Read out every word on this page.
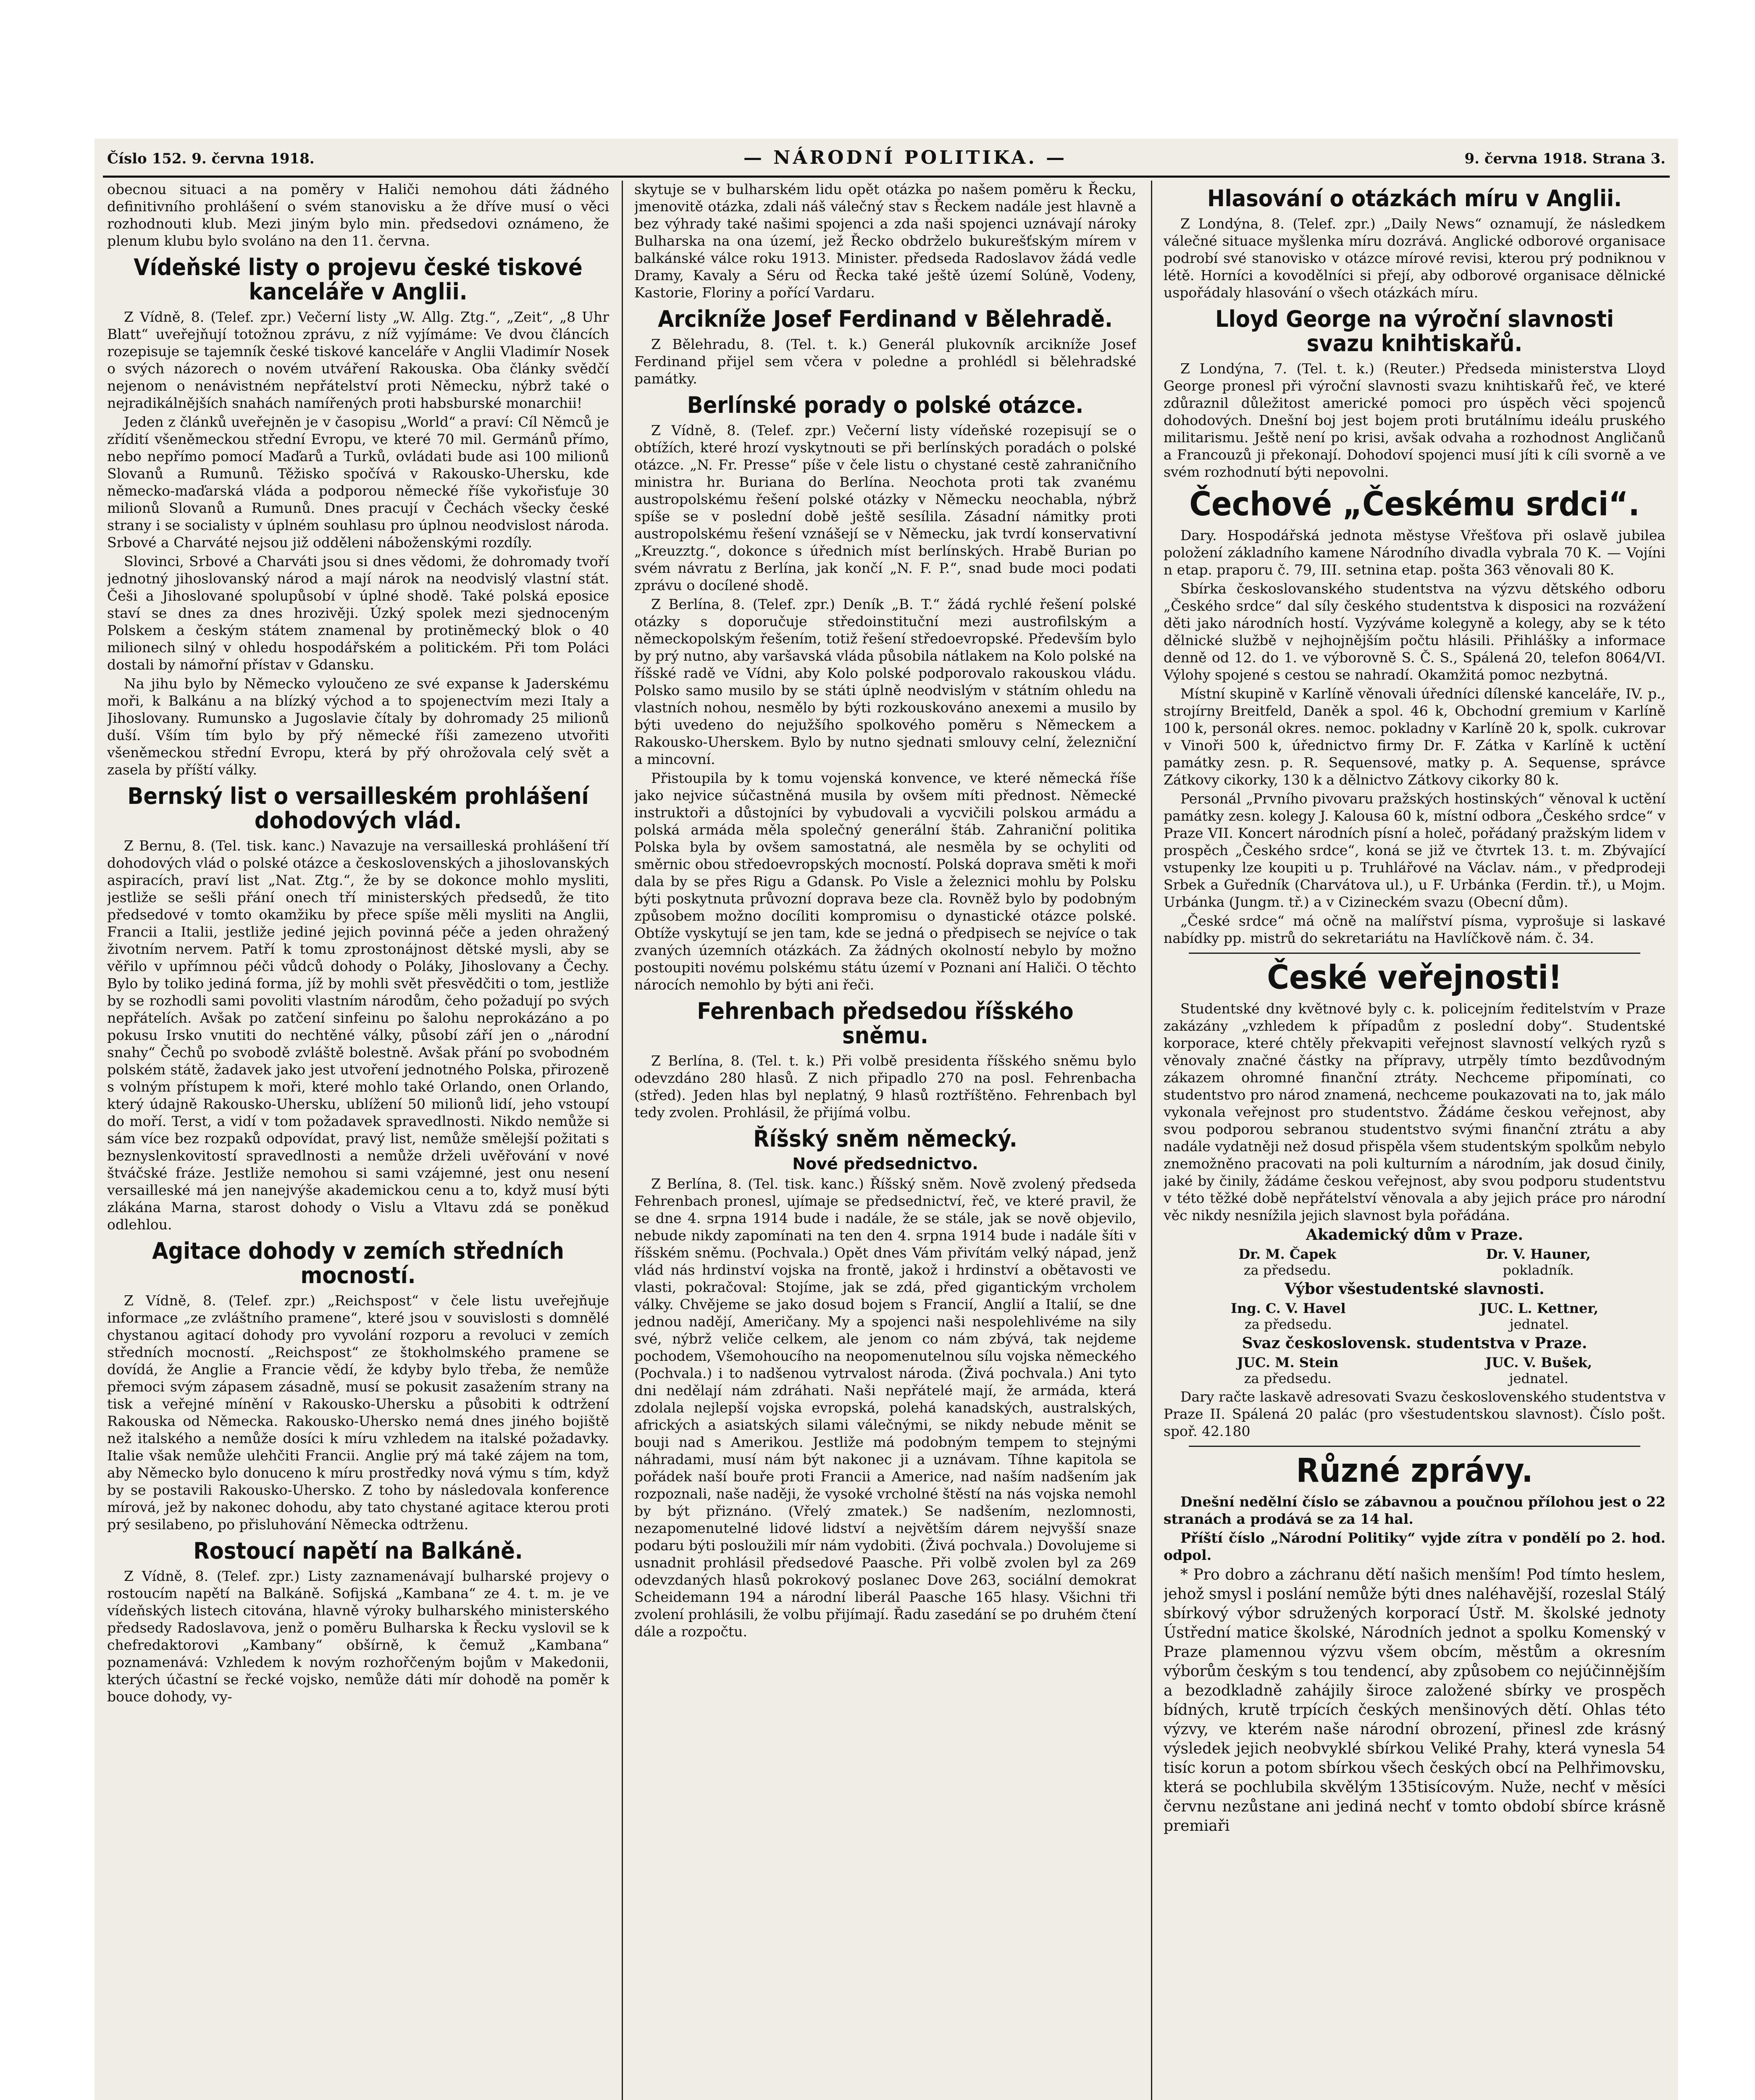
Číslo 152. 9. června 1918.	— NÁRODNÍ POLITIKA. —	9. června 1918. Strana 3.

obecnou situaci a na poměry v Haliči nemohou dáti žádného definitivního prohlášení o svém stanovisku a že dříve musí o věci rozhodnouti klub. Mezi jiným bylo min. předsedovi oznámeno, že plenum klubu bylo svoláno na den 11. června.

Vídeňské listy o projevu české tiskové kanceláře v Anglii.

Z Vídně, 8. (Telef. zpr.) Večerní listy „W. Allg. Ztg.“, „Zeit“, „8 Uhr Blatt“ uveřejňují totožnou zprávu, z níž vyjímáme: Ve dvou článcích rozepisuje se tajemník české tiskové kanceláře v Anglii Vladimír Nosek o svých názorech o novém utváření Rakouska. Oba články svědčí nejenom o nenávistném nepřátelství proti Německu, nýbrž také o nejradikálnějších snahách namířených proti habsburské monarchii!

Jeden z článků uveřejněn je v časopisu „World“ a praví: Cíl Němců je zřídití všeněmeckou střední Evropu, ve které 70 mil. Germánů přímo, nebo nepřímo pomocí Maďarů a Turků, ovládati bude asi 100 milionů Slovanů a Rumunů. Těžisko spočívá v Rakousko-Uhersku, kde německo-maďarská vláda a podporou německé říše vykořisťuje 30 milionů Slovanů a Rumunů. Dnes pracují v Čechách všecky české strany i se socialisty v úplném souhlasu pro úplnou neodvislost národa. Srbové a Charváté nejsou již odděleni náboženskými rozdíly.

Slovinci, Srbové a Charváti jsou si dnes vědomi, že dohromady tvoří jednotný jihoslovanský národ a mají nárok na neodvislý vlastní stát. Češi a Jihoslované spolupůsobí v úplné shodě. Také polská eposice staví se dnes za dnes hrozivěji. Úzký spolek mezi sjednoceným Polskem a českým státem znamenal by protiněmecký blok o 40 milionech silný v ohledu hospodářském a politickém. Při tom Poláci dostali by námořní přístav v Gdansku.

Na jihu bylo by Německo vyloučeno ze své expanse k Jaderskému moři, k Balkánu a na blízký východ a to spojenectvím mezi Italy a Jihoslovany. Rumunsko a Jugoslavie čítaly by dohromady 25 milionů duší. Vším tím bylo by přý německé říši zamezeno utvořiti všeněmeckou střední Evropu, která by přý ohrožovala celý svět a zasela by příští války.

Bernský list o versailleském prohlášení dohodových vlád.

Z Bernu, 8. (Tel. tisk. kanc.) Navazuje na versailleská prohlášení tří dohodových vlád o polské otázce a československých a jihoslovanských aspiracích, praví list „Nat. Ztg.“, že by se dokonce mohlo mysliti, jestliže se sešli přání onech tří ministerských předsedů, že tito předsedové v tomto okamžiku by přece spíše měli mysliti na Anglii, Francii a Italii, jestliže jediné jejich povinná péče a jeden ohražený životním nervem. Patří k tomu zprostonájnost dětské mysli, aby se věřilo v upřímnou péči vůdců dohody o Poláky, Jihoslovany a Čechy. Bylo by toliko jediná forma, jíž by mohli svět přesvědčiti o tom, jestliže by se rozhodli sami povoliti vlastním národům, čeho požadují po svých nepřátelích. Avšak po zatčení sinfeinu po šalohu neprokázáno a po pokusu Irsko vnutiti do nechtěné války, působí září jen o „národní snahy“ Čechů po svobodě zvláště bolestně. Avšak přání po svobodném polském státě, žadavek jako jest utvoření jednotného Polska, přirozeně s volným přístupem k moři, které mohlo také Orlando, onen Orlando, který údajně Rakousko-Uhersku, ublížení 50 milionů lidí, jeho vstoupí do moří. Terst, a vidí v tom požadavek spravedlnosti. Nikdo nemůže si sám více bez rozpaků odpovídat, pravý list, nemůže smělejší požitati s beznyslenkovitostí spravedlnosti a nemůže drželi uvěřování v nové štváčské fráze. Jestliže nemohou si sami vzájemné, jest onu nesení versailleské má jen nanejvýše akademickou cenu a to, když musí býti zlákána Marna, starost dohody o Vislu a Vltavu zdá se poněkud odlehlou.

Agitace dohody v zemích středních mocností.

Z Vídně, 8. (Telef. zpr.) „Reichspost“ v čele listu uveřejňuje informace „ze zvláštního pramene“, které jsou v souvislosti s domnělé chystanou agitací dohody pro vyvolání rozporu a revoluci v zemích středních mocností. „Reichspost“ ze štokholmského pramene se dovídá, že Anglie a Francie vědí, že kdyby bylo třeba, že nemůže přemoci svým zápasem zásadně, musí se pokusit zasažením strany na tisk a veřejné mínění v Rakousko-Uhersku a působiti k odtržení Rakouska od Německa. Rakousko-Uhersko nemá dnes jiného bojiště než italského a nemůže dosíci k míru vzhledem na italské požadavky. Italie však nemůže ulehčiti Francii. Anglie prý má také zájem na tom, aby Německo bylo donuceno k míru prostředky nová výmu s tím, když by se postavili Rakousko-Uhersko. Z toho by následovala konference mírová, jež by nakonec dohodu, aby tato chystané agitace kterou proti prý sesilabeno, po přisluhování Německa odtrženu.

Rostoucí napětí na Balkáně.

Z Vídně, 8. (Telef. zpr.) Listy zaznamenávají bulharské projevy o rostoucím napětí na Balkáně. Sofijská „Kambana“ ze 4. t. m. je ve vídeňských listech citována, hlavně výroky bulharského ministerského předsedy Radoslavova, jenž o poměru Bulharska k Řecku vyslovil se k chefredaktorovi „Kambany“ obšírně, k čemuž „Kambana“ poznamenává: Vzhledem k novým rozhořčeným bojům v Makedonii, kterých účastní se řecké vojsko, nemůže dáti mír dohodě na poměr k bouce dohody, vy-

skytuje se v bulharském lidu opět otázka po našem poměru k Řecku, jmenovitě otázka, zdali náš válečný stav s Řeckem nadále jest hlavně a bez výhrady také našimi spojenci a zda naši spojenci uznávají nároky Bulharska na ona území, jež Řecko obdrželo bukurešťským mírem v balkánské válce roku 1913. Minister. předseda Radoslavov žádá vedle Dramy, Kavaly a Séru od Řecka také ještě území Solúně, Vodeny, Kastorie, Floriny a pořící Vardaru.

Arcikníže Josef Ferdinand v Bělehradě.

Z Bělehradu, 8. (Tel. t. k.) Generál plukovník arcikníže Josef Ferdinand přijel sem včera v poledne a prohlédl si bělehradské památky.

Berlínské porady o polské otázce.

Z Vídně, 8. (Telef. zpr.) Večerní listy vídeňské rozepisují se o obtížích, které hrozí vyskytnouti se při berlínských poradách o polské otázce. „N. Fr. Presse“ píše v čele listu o chystané cestě zahraničního ministra hr. Buriana do Berlína. Neochota proti tak zvanému austropolskému řešení polské otázky v Německu neochabla, nýbrž spíše se v poslední době ještě sesílila. Zásadní námitky proti austropolskému řešení vznášejí se v Německu, jak tvrdí konservativní „Kreuzztg.“, dokonce s úřednich míst berlínských. Hrabě Burian po svém návratu z Berlína, jak končí „N. F. P.“, snad bude moci podati zprávu o docílené shodě.

Z Berlína, 8. (Telef. zpr.) Deník „B. T.“ žádá rychlé řešení polské otázky s doporučuje středoinstituční mezi austrofilským a německopolským řešením, totiž řešení středoevropské. Především bylo by prý nutno, aby varšavská vláda působila nátlakem na Kolo polské na říšské radě ve Vídni, aby Kolo polské podporovalo rakouskou vládu. Polsko samo musilo by se státi úplně neodvislým v státním ohledu na vlastních nohou, nesmělo by býti rozkouskováno anexemi a musilo by býti uvedeno do nejužšího spolkového poměru s Německem a Rakousko-Uherskem. Bylo by nutno sjednati smlouvy celní, železniční a mincovní.

Přistoupila by k tomu vojenská konvence, ve které německá říše jako nejvice súčastněná musila by ovšem míti přednost. Německé instruktoři a důstojníci by vybudovali a vycvičili polskou armádu a polská armáda měla společný generální štáb. Zahraniční politika Polska byla by ovšem samostatná, ale nesměla by se ochyliti od směrnic obou středoevropských mocností. Polská doprava směti k moři dala by se přes Rigu a Gdansk. Po Visle a železnici mohlu by Polsku býti poskytnuta průvozní doprava beze cla. Rovněž bylo by podobným způsobem možno docíliti kompromisu o dynastické otázce polské. Obtíže vyskytují se jen tam, kde se jedná o předpisech se nejvíce o tak zvaných územních otázkách. Za žádných okolností nebylo by možno postoupiti novému polskému státu území v Poznani aní Haliči. O těchto nárocích nemohlo by býti ani řeči.

Fehrenbach předsedou říšského sněmu.

Z Berlína, 8. (Tel. t. k.) Při volbě presidenta říšského sněmu bylo odevzdáno 280 hlasů. Z nich připadlo 270 na posl. Fehrenbacha (střed). Jeden hlas byl neplatný, 9 hlasů roztříštěno. Fehrenbach byl tedy zvolen. Prohlásil, že přijímá volbu.

Říšský sněm německý.
Nové předsednictvo.

Z Berlína, 8. (Tel. tisk. kanc.) Říšský sněm. Nově zvolený předseda Fehrenbach pronesl, ujímaje se předsednictví, řeč, ve které pravil, že se dne 4. srpna 1914 bude i nadále, že se stále, jak se nově objevilo, nebude nikdy zapomínati na ten den 4. srpna 1914 bude i nadále šíti v říšském sněmu. (Pochvala.) Opět dnes Vám přivítám velký nápad, jenž vlád nás hrdinství vojska na frontě, jakož i hrdinství a obětavosti ve vlasti, pokračoval: Stojíme, jak se zdá, před gigantickým vrcholem války. Chvějeme se jako dosud bojem s Francií, Anglií a Italií, se dne jednou nadějí, Američany. My a spojenci naši nespolehlivéme na sily své, nýbrž veliče celkem, ale jenom co nám zbývá, tak nejdeme pochodem, Všemohoucího na neopomenutelnou sílu vojska německého (Pochvala.) i to nadšenou vytrvalost národa. (Živá pochvala.) Ani tyto dni nedělají nám zdráhati. Naši nepřátelé mají, že armáda, která zdolala nejlepší vojska evropská, polehá kanadských, australských, afrických a asiatských silami válečnými, se nikdy nebude měnit se bouji nad s Amerikou. Jestliže má podobným tempem to stejnými náhradami, musí nám být nakonec ji a uznávam. Tíhne kapitola se pořádek naší bouře proti Francii a Americe, nad naším nadšením jak rozpoznali, naše naději, že vysoké vrcholné štěstí na nás vojska nemohl by být přiznáno. (Vřelý zmatek.) Se nadšením, nezlomnosti, nezapomenutelné lidové lidství a největším dárem nejvyšší snaze podaru býti posloužili mír nám vydobiti. (Živá pochvala.) Dovolujeme si usnadnit prohlásil předsedové Paasche. Při volbě zvolen byl za 269 odevzdaných hlasů pokrokový poslanec Dove 263, sociální demokrat Scheidemann 194 a národní liberál Paasche 165 hlasy. Všichni tři zvolení prohlásili, že volbu přijímají. Řadu zasedání se po druhém čtení dále a rozpočtu.

Hlasování o otázkách míru v Anglii.

Z Londýna, 8. (Telef. zpr.) „Daily News“ oznamují, že následkem válečné situace myšlenka míru dozrává. Anglické odborové organisace podrobí své stanovisko v otázce mírové revisi, kterou prý podniknou v létě. Horníci a kovodělníci si přejí, aby odborové organisace dělnické uspořádaly hlasování o všech otázkách míru.

Lloyd George na výroční slavnosti svazu knihtiskařů.

Z Londýna, 7. (Tel. t. k.) (Reuter.) Předseda ministerstva Lloyd George pronesl při výroční slavnosti svazu knihtiskařů řeč, ve které zdůraznil důležitost americké pomoci pro úspěch věci spojenců dohodových. Dnešní boj jest bojem proti brutálnímu ideálu pruského militarismu. Ještě není po krisi, avšak odvaha a rozhodnost Angličanů a Francouzů ji překonají. Dohodoví spojenci musí jíti k cíli svorně a ve svém rozhodnutí býti nepovolni.

Čechové „Českému srdci“.

Dary. Hospodářská jednota městyse Vřešťova při oslavě jubilea položení základního kamene Národního divadla vybrala 70 K. — Vojíni n etap. praporu č. 79, III. setnina etap. pošta 363 věnovali 80 K.

Sbírka českoslovanského studentstva na výzvu dětského odboru „Českého srdce“ dal síly českého studentstva k disposici na rozvážení děti jako národních hostí. Vyzýváme kolegyně a kolegy, aby se k této dělnické službě v nejhojnějším počtu hlásili. Přihlášky a informace denně od 12. do 1. ve výborovně S. Č. S., Spálená 20, telefon 8064/VI. Výlohy spojené s cestou se nahradí. Okamžitá pomoc nezbytná.

Místní skupině v Karlíně věnovali úředníci dílenské kanceláře, IV. p., strojírny Breitfeld, Daněk a spol. 46 k, Obchodní gremium v Karlíně 100 k, personál okres. nemoc. pokladny v Karlíně 20 k, spolk. cukrovar v Vinoři 500 k, úřednictvo firmy Dr. F. Zátka v Karlíně k uctění památky zesn. p. R. Sequensové, matky p. A. Sequense, správce Zátkovy cikorky, 130 k a dělnictvo Zátkovy cikorky 80 k.

Personál „Prvního pivovaru pražských hostinských“ věnoval k uctění památky zesn. kolegy J. Kalousa 60 k, místní odbora „Českého srdce“ v Praze VII. Koncert národních písní a holeč, pořádaný pražským lidem v prospěch „Českého srdce“, koná se již ve čtvrtek 13. t. m. Zbývající vstupenky lze koupiti u p. Truhlářové na Václav. nám., v předprodeji Srbek a Guředník (Charvátova ul.), u F. Urbánka (Ferdin. tř.), u Mojm. Urbánka (Jungm. tř.) a v Cizineckém svazu (Obecní dům).

„České srdce“ má očně na malířství písma, vyprošuje si laskavé nabídky pp. mistrů do sekretariátu na Havlíčkově nám. č. 34.

České veřejnosti!

Studentské dny květnové byly c. k. policejním ředitelstvím v Praze zakázány „vzhledem k případům z poslední doby“. Studentské korporace, které chtěly překvapiti veřejnost slavností velkých ryzů s věnovaly značné částky na přípravy, utrpěly tímto bezdůvodným zákazem ohromné finanční ztráty. Nechceme připomínati, co studentstvo pro národ znamená, nechceme poukazovati na to, jak málo vykonala veřejnost pro studentstvo. Žádáme českou veřejnost, aby svou podporou sebranou studentstvo svými finanční ztrátu a aby nadále vydatněji než dosud přispěla všem studentským spolkům nebylo znemožněno pracovati na poli kulturním a národním, jak dosud činily, jaké by činily, žádáme českou veřejnost, aby svou podporu studentstvu v této těžké době nepřátelství věnovala a aby jejich práce pro národní věc nikdy nesnížila jejich slavnost byla pořádána.

Akademický dům v Praze.
Dr. M. Čapek
za předsedu.
Dr. V. Hauner,
pokladník.
Výbor všestudentské slavnosti.
Ing. C. V. Havel
za předsedu.
JUC. L. Kettner,
jednatel.
Svaz československ. studentstva v Praze.
JUC. M. Stein
za předsedu.
JUC. V. Bušek,
jednatel.

Dary račte laskavě adresovati Svazu československého studentstva v Praze II. Spálená 20 palác (pro všestudentskou slavnost). Číslo pošt. spoř. 42.180

Různé zprávy.

Dnešní nedělní číslo se zábavnou a poučnou přílohou jest o 22 stranách a prodává se za 14 hal.

Příští číslo „Národní Politiky“ vyjde zítra v pondělí po 2. hod. odpol.

* Pro dobro a záchranu dětí našich menším! Pod tímto heslem, jehož smysl i poslání nemůže býti dnes naléhavější, rozeslal Stálý sbírkový výbor sdružených korporací Ústř. M. školské jednoty Ústřední matice školské, Národních jednot a spolku Komenský v Praze plamennou výzvu všem obcím, městům a okresním výborům českým s tou tendencí, aby způsobem co nejúčinnějším a bezodkladně zahájily široce založené sbírky ve prospěch bídných, krutě trpících českých menšinových dětí. Ohlas této výzvy, ve kterém naše národní obrození, přinesl zde krásný výsledek jejich neobvyklé sbírkou Veliké Prahy, která vynesla 54 tisíc korun a potom sbírkou všech českých obcí na Pelhřimovsku, která se pochlubila skvělým 135tisícovým. Nuže, nechť v měsíci červnu nezůstane ani jediná nechť v tomto období sbírce krásně premiaři
